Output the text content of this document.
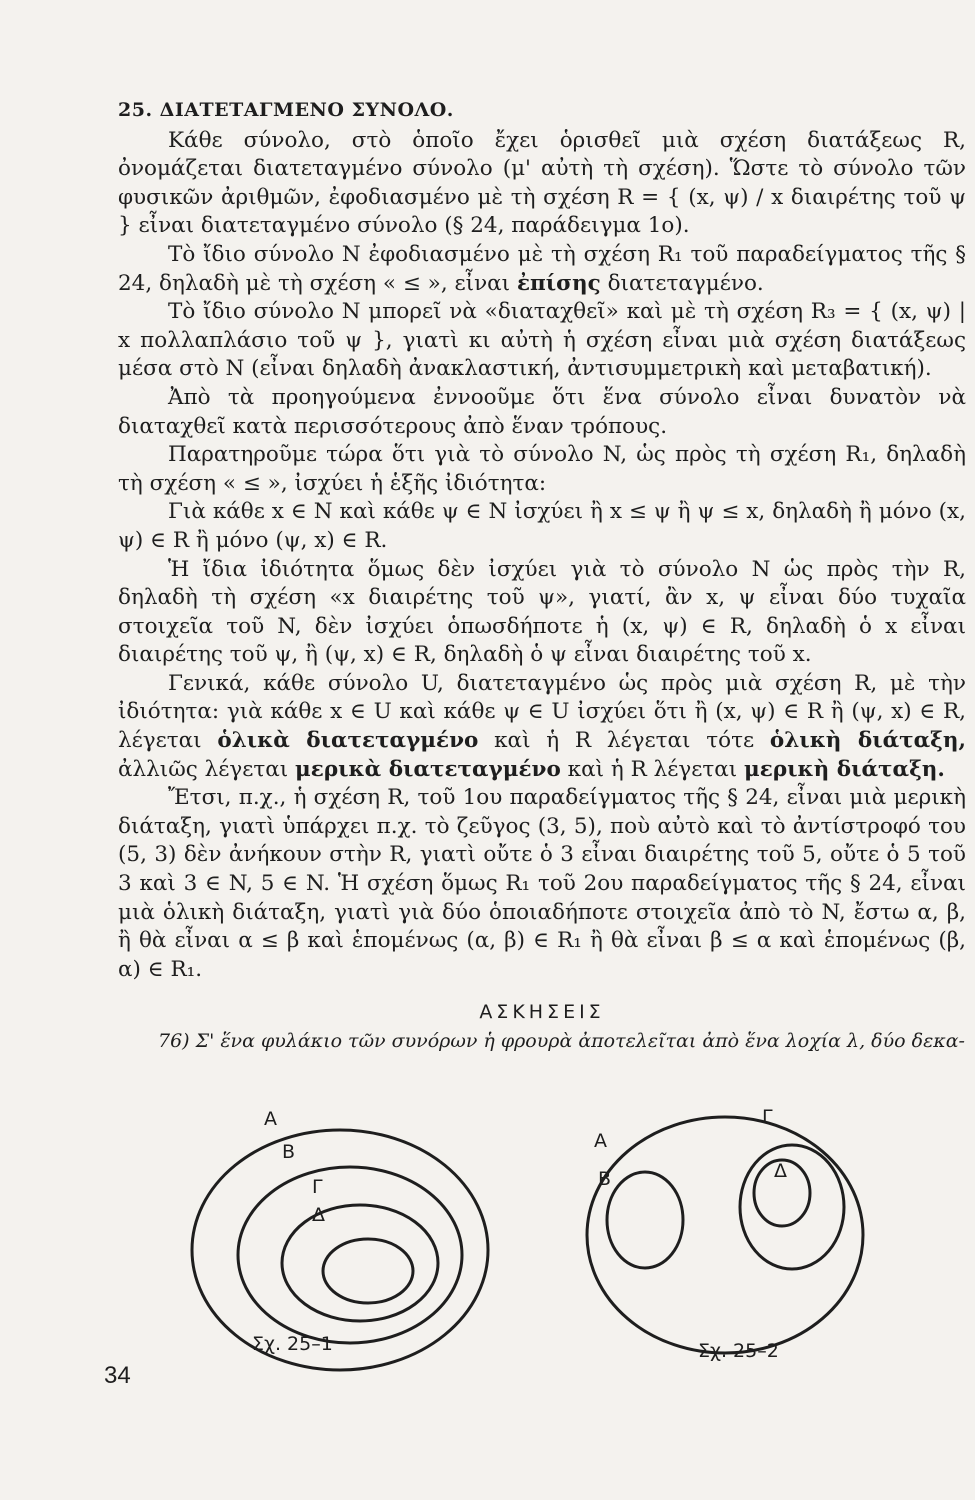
25. ΔΙΑΤΕΤΑΓΜΕΝΟ ΣΥΝΟΛΟ.

Κάθε σύνολο, στὸ ὁποῖο ἔχει ὁρισθεῖ μιὰ σχέση διατάξεως R, ὀνομάζεται διατεταγμένο σύνολο (μ' αὐτὴ τὴ σχέση). Ὥστε τὸ σύνολο τῶν φυσικῶν ἀριθμῶν, ἐφοδιασμένο μὲ τὴ σχέση R = { (x, ψ) / x διαιρέτης τοῦ ψ } εἶναι διατεταγμένο σύνολο (§ 24, παράδειγμα 1ο).

Τὸ ἴδιο σύνολο N ἐφοδιασμένο μὲ τὴ σχέση R₁ τοῦ παραδείγματος τῆς § 24, δηλαδὴ μὲ τὴ σχέση « ≤ », εἶναι ἐπίσης διατεταγμένο.

Τὸ ἴδιο σύνολο N μπορεῖ νὰ «διαταχθεῖ» καὶ μὲ τὴ σχέση R₃ = { (x, ψ) | x πολλαπλάσιο τοῦ ψ }, γιατὶ κι αὐτὴ ἡ σχέση εἶναι μιὰ σχέση διατάξεως μέσα στὸ N (εἶναι δηλαδὴ ἀνακλαστική, ἀντισυμμετρικὴ καὶ μεταβατική).

Ἀπὸ τὰ προηγούμενα ἐννοοῦμε ὅτι ἕνα σύνολο εἶναι δυνατὸν νὰ διαταχθεῖ κατὰ περισσότερους ἀπὸ ἕναν τρόπους.

Παρατηροῦμε τώρα ὅτι γιὰ τὸ σύνολο N, ὡς πρὸς τὴ σχέση R₁, δηλαδὴ τὴ σχέση « ≤ », ἰσχύει ἡ ἑξῆς ἰδιότητα:

Γιὰ κάθε x ∈ N καὶ κάθε ψ ∈ N ἰσχύει ἢ x ≤ ψ ἢ ψ ≤ x, δηλαδὴ ἢ μόνο (x, ψ) ∈ R ἢ μόνο (ψ, x) ∈ R.

Ἡ ἴδια ἰδιότητα ὅμως δὲν ἰσχύει γιὰ τὸ σύνολο N ὡς πρὸς τὴν R, δηλαδὴ τὴ σχέση «x διαιρέτης τοῦ ψ», γιατί, ἂν x, ψ εἶναι δύο τυχαῖα στοιχεῖα τοῦ N, δὲν ἰσχύει ὁπωσδήποτε ἡ (x, ψ) ∈ R, δηλαδὴ ὁ x εἶναι διαιρέτης τοῦ ψ, ἢ (ψ, x) ∈ R, δηλαδὴ ὁ ψ εἶναι διαιρέτης τοῦ x.

Γενικά, κάθε σύνολο U, διατεταγμένο ὡς πρὸς μιὰ σχέση R, μὲ τὴν ἰδιότητα: γιὰ κάθε x ∈ U καὶ κάθε ψ ∈ U ἰσχύει ὅτι ἢ (x, ψ) ∈ R ἢ (ψ, x) ∈ R, λέγεται ὁλικὰ διατεταγμένο καὶ ἡ R λέγεται τότε ὁλικὴ διάταξη, ἀλλιῶς λέγεται μερικὰ διατεταγμένο καὶ ἡ R λέγεται μερικὴ διάταξη.

Ἔτσι, π.χ., ἡ σχέση R, τοῦ 1ου παραδείγματος τῆς § 24, εἶναι μιὰ μερικὴ διάταξη, γιατὶ ὑπάρχει π.χ. τὸ ζεῦγος (3, 5), ποὺ αὐτὸ καὶ τὸ ἀντίστροφό του (5, 3) δὲν ἀνήκουν στὴν R, γιατὶ οὔτε ὁ 3 εἶναι διαιρέτης τοῦ 5, οὔτε ὁ 5 τοῦ 3 καὶ 3 ∈ N, 5 ∈ N. Ἡ σχέση ὅμως R₁ τοῦ 2ου παραδείγματος τῆς § 24, εἶναι μιὰ ὁλικὴ διάταξη, γιατὶ γιὰ δύο ὁποιαδήποτε στοιχεῖα ἀπὸ τὸ N, ἔστω α, β, ἢ θὰ εἶναι α ≤ β καὶ ἑπομένως (α, β) ∈ R₁ ἢ θὰ εἶναι β ≤ α καὶ ἑπομένως (β, α) ∈ R₁.

ΑΣΚΗΣΕΙΣ

76) Σ' ἕνα φυλάκιο τῶν συνόρων ἡ φρουρὰ ἀποτελεῖται ἀπὸ ἕνα λοχία λ, δύο δεκα-

A
B
Γ
Δ
Σχ. 25–1
A
B
Γ
Δ
Σχ. 25–2
34
